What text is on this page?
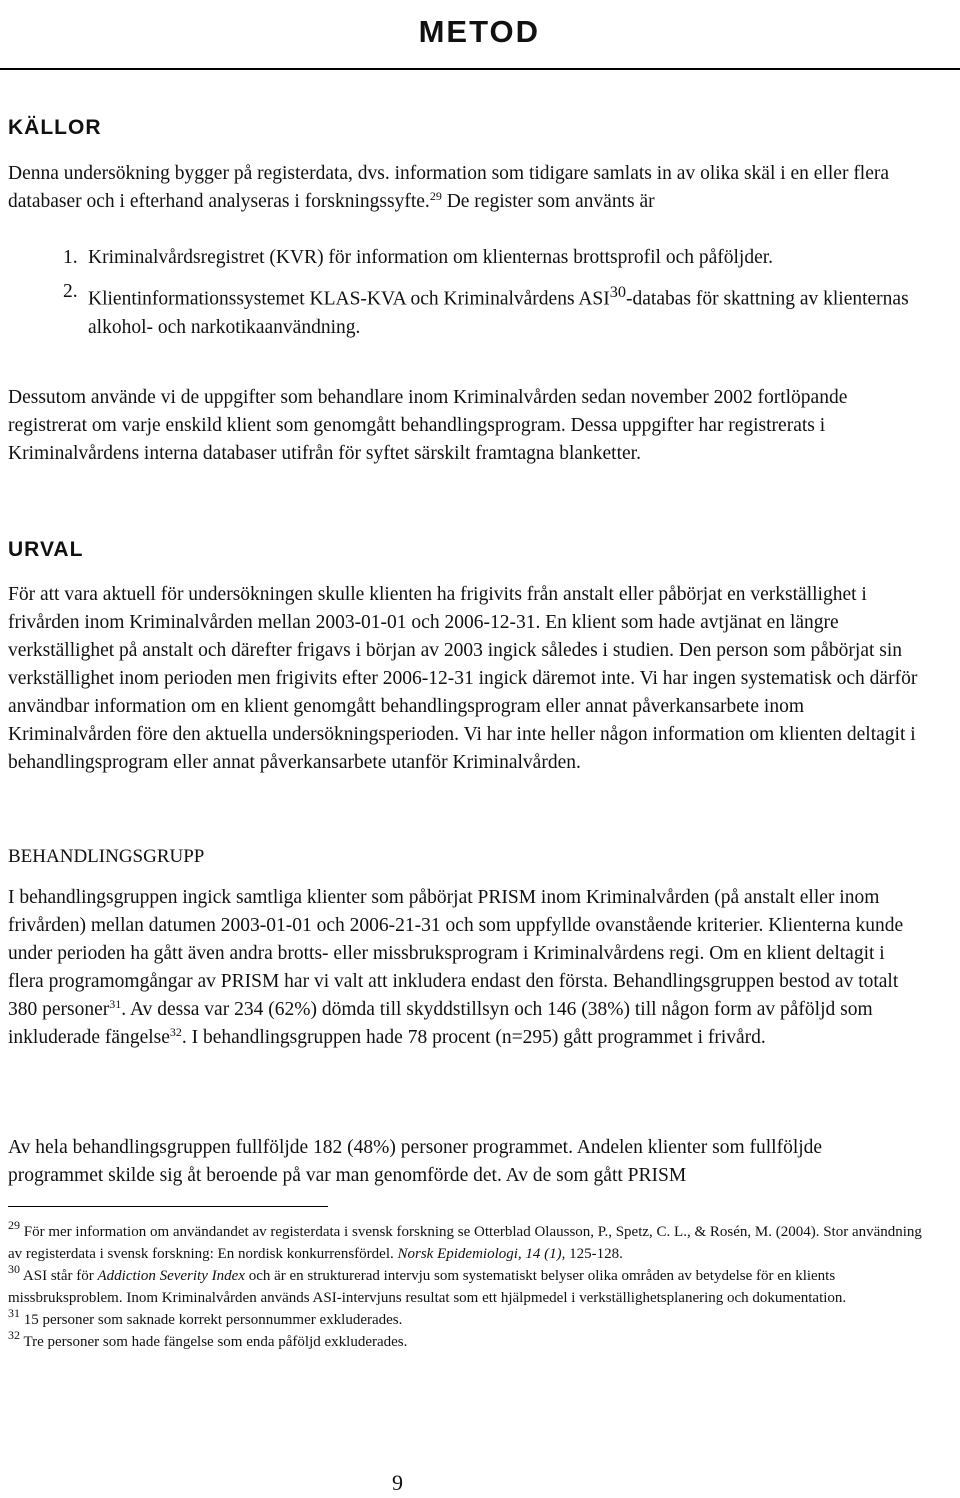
METOD
KÄLLOR

Denna undersökning bygger på registerdata, dvs. information som tidigare samlats in av olika skäl i en eller flera databaser och i efterhand analyseras i forskningssyfte.$^{29}$ De register som använts är

1. Kriminalvårdsregistret (KVR) för information om klienternas brottsprofil och påföljder.
2. Klientinformationssystemet KLAS-KVA och Kriminalvårdens ASI$^{30}$-databas för skattning av klienternas alkohol- och narkotikaanvändning.

Dessutom använde vi de uppgifter som behandlare inom Kriminalvården sedan november 2002 fortlöpande registrerat om varje enskild klient som genomgått behandlingsprogram. Dessa uppgifter har registrerats i Kriminalvårdens interna databaser utifrån för syftet särskilt framtagna blanketter.

URVAL

För att vara aktuell för undersökningen skulle klienten ha frigivits från anstalt eller påbörjat en verkställighet i frivården inom Kriminalvården mellan 2003-01-01 och 2006-12-31. En klient som hade avtjänat en längre verkställighet på anstalt och därefter frigavs i början av 2003 ingick således i studien. Den person som påbörjat sin verkställighet inom perioden men frigivits efter 2006-12-31 ingick däremot inte. Vi har ingen systematisk och därför användbar information om en klient genomgått behandlingsprogram eller annat påverkansarbete inom Kriminalvården före den aktuella undersökningsperioden. Vi har inte heller någon information om klienten deltagit i behandlingsprogram eller annat påverkansarbete utanför Kriminalvården.

BEHANDLINGSGRUPP

I behandlingsgruppen ingick samtliga klienter som påbörjat PRISM inom Kriminalvården (på anstalt eller inom frivården) mellan datumen 2003-01-01 och 2006-21-31 och som uppfyllde ovanstående kriterier. Klienterna kunde under perioden ha gått även andra brotts- eller missbruksprogram i Kriminalvårdens regi. Om en klient deltagit i flera programomgångar av PRISM har vi valt att inkludera endast den första. Behandlingsgruppen bestod av totalt 380 personer$^{31}$. Av dessa var 234 (62%) dömda till skyddstillsyn och 146 (38%) till någon form av påföljd som inkluderade fängelse$^{32}$. I behandlingsgruppen hade 78 procent (n=295) gått programmet i frivård.

Av hela behandlingsgruppen fullföljde 182 (48%) personer programmet. Andelen klienter som fullföljde programmet skilde sig åt beroende på var man genomförde det. Av de som gått PRISM

$^{29}$ För mer information om användandet av registerdata i svensk forskning se Otterblad Olausson, P., Spetz, C. L., & Rosén, M. (2004). Stor användning av registerdata i svensk forskning: En nordisk konkurrensfördel. Norsk Epidemiologi, 14 (1), 125-128.
$^{30}$ ASI står för Addiction Severity Index och är en strukturerad intervju som systematiskt belyser olika områden av betydelse för en klients missbruksproblem. Inom Kriminalvården används ASI-intervjuns resultat som ett hjälpmedel i verkställighetsplanering och dokumentation.
$^{31}$ 15 personer som saknade korrekt personnummer exkluderades.
$^{32}$ Tre personer som hade fängelse som enda påföljd exkluderades.

9
